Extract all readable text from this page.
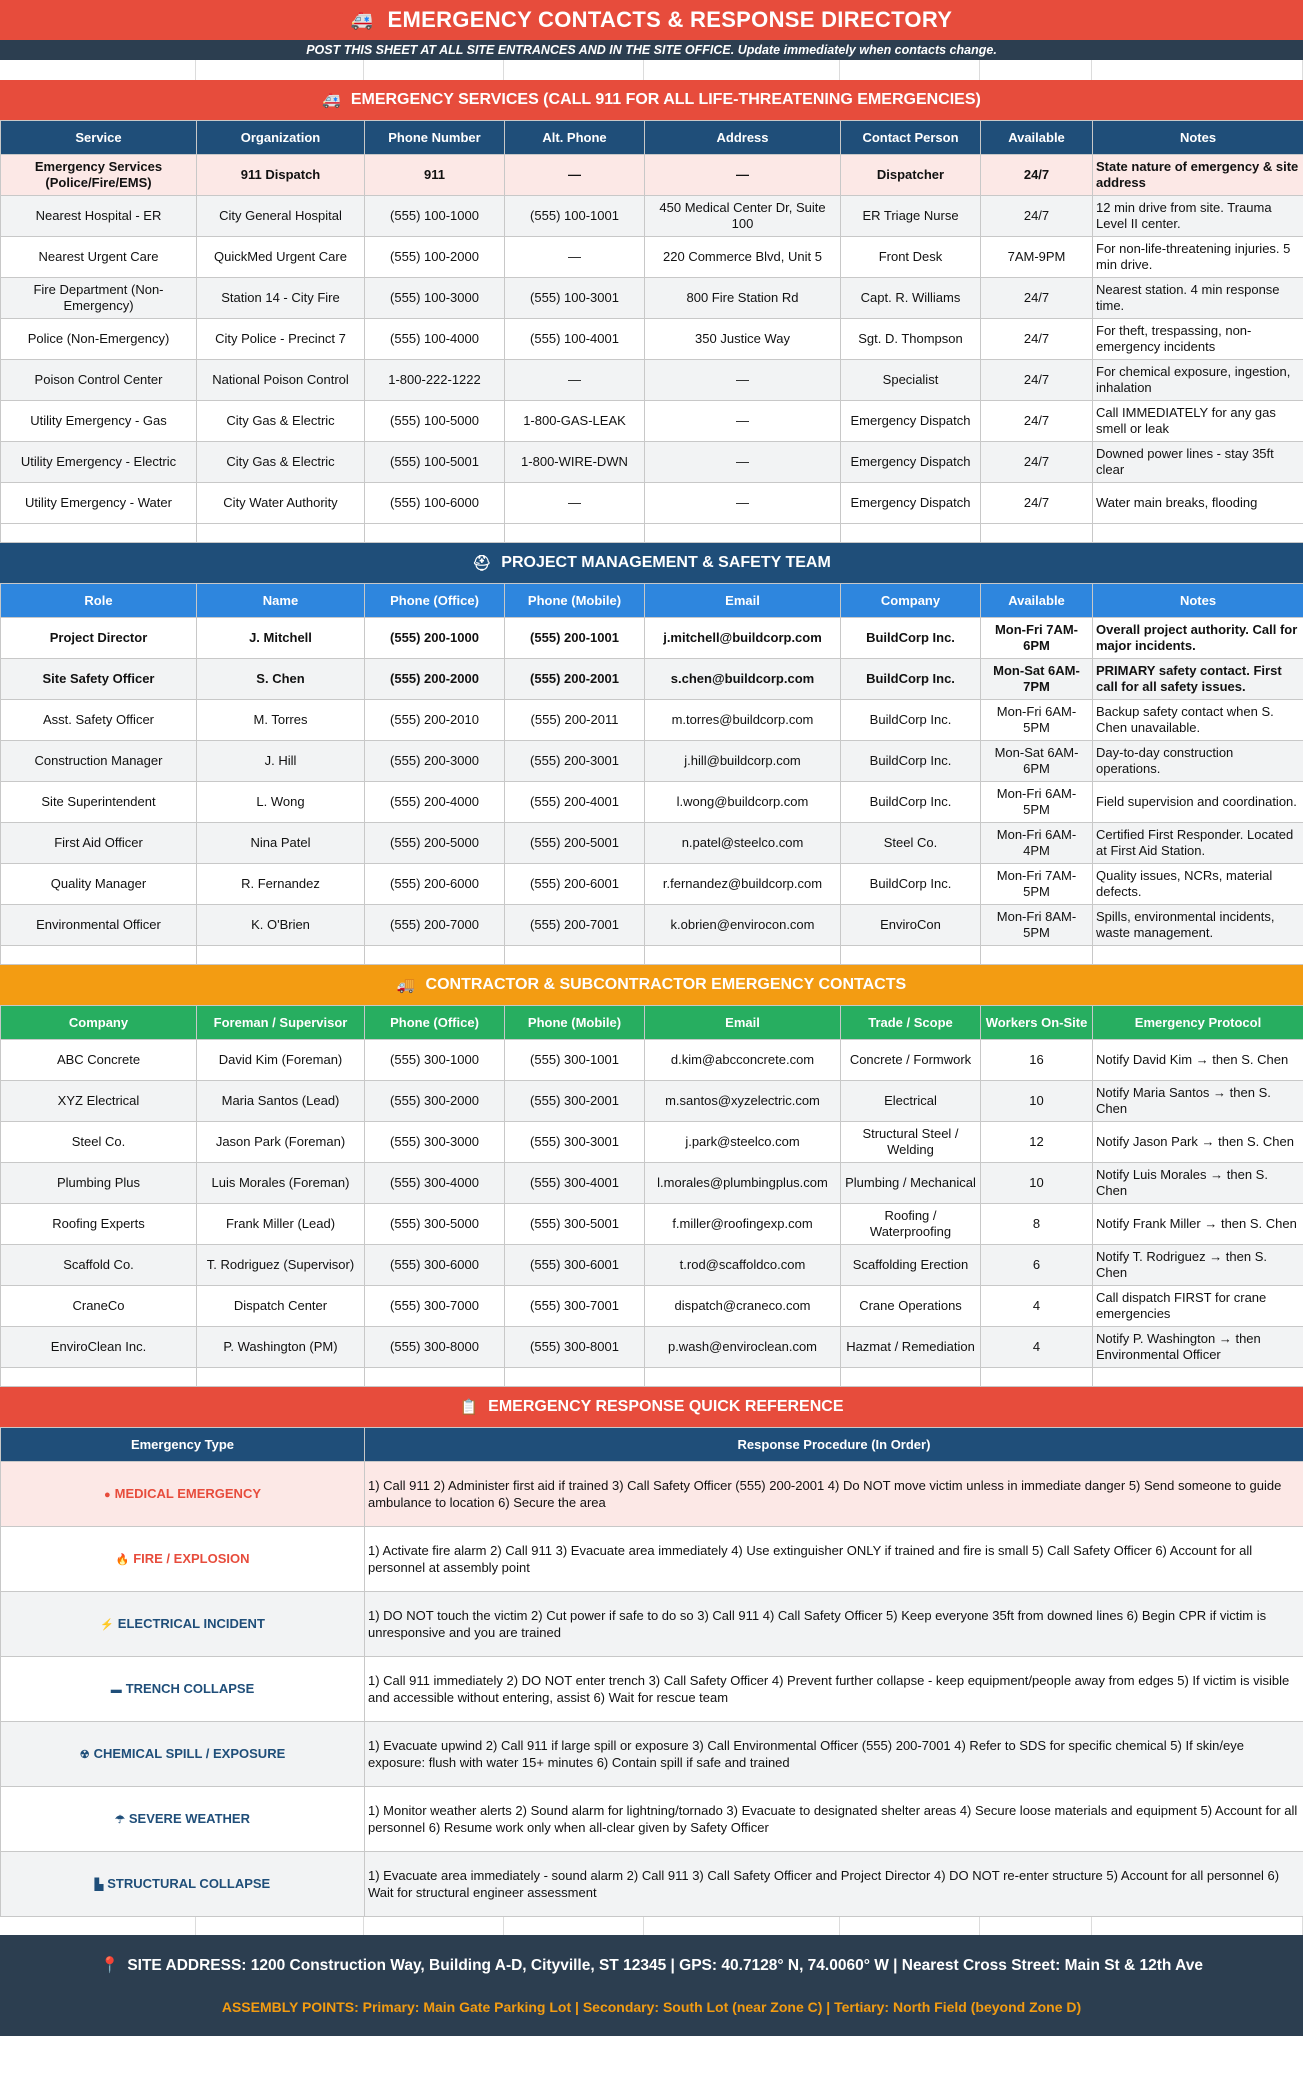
🚑 EMERGENCY CONTACTS & RESPONSE DIRECTORY
POST THIS SHEET AT ALL SITE ENTRANCES AND IN THE SITE OFFICE. Update immediately when contacts change.
🚑 EMERGENCY SERVICES (CALL 911 FOR ALL LIFE-THREATENING EMERGENCIES)
Service	Organization	Phone Number	Alt. Phone	Address	Contact Person	Available	Notes
Emergency Services (Police/Fire/EMS)	911 Dispatch	911	—	—	Dispatcher	24/7	State nature of emergency & site address
Nearest Hospital - ER	City General Hospital	(555) 100-1000	(555) 100-1001	450 Medical Center Dr, Suite 100	ER Triage Nurse	24/7	12 min drive from site. Trauma Level II center.
Nearest Urgent Care	QuickMed Urgent Care	(555) 100-2000	—	220 Commerce Blvd, Unit 5	Front Desk	7AM-9PM	For non-life-threatening injuries. 5 min drive.
Fire Department (Non-Emergency)	Station 14 - City Fire	(555) 100-3000	(555) 100-3001	800 Fire Station Rd	Capt. R. Williams	24/7	Nearest station. 4 min response time.
Police (Non-Emergency)	City Police - Precinct 7	(555) 100-4000	(555) 100-4001	350 Justice Way	Sgt. D. Thompson	24/7	For theft, trespassing, non-emergency incidents
Poison Control Center	National Poison Control	1-800-222-1222	—	—	Specialist	24/7	For chemical exposure, ingestion, inhalation
Utility Emergency - Gas	City Gas & Electric	(555) 100-5000	1-800-GAS-LEAK	—	Emergency Dispatch	24/7	Call IMMEDIATELY for any gas smell or leak
Utility Emergency - Electric	City Gas & Electric	(555) 100-5001	1-800-WIRE-DWN	—	Emergency Dispatch	24/7	Downed power lines - stay 35ft clear
Utility Emergency - Water	City Water Authority	(555) 100-6000	—	—	Emergency Dispatch	24/7	Water main breaks, flooding

⛑ PROJECT MANAGEMENT & SAFETY TEAM
Role	Name	Phone (Office)	Phone (Mobile)	Email	Company	Available	Notes
Project Director	J. Mitchell	(555) 200-1000	(555) 200-1001	j.mitchell@buildcorp.com	BuildCorp Inc.	Mon-Fri 7AM-6PM	Overall project authority. Call for major incidents.
Site Safety Officer	S. Chen	(555) 200-2000	(555) 200-2001	s.chen@buildcorp.com	BuildCorp Inc.	Mon-Sat 6AM-7PM	PRIMARY safety contact. First call for all safety issues.
Asst. Safety Officer	M. Torres	(555) 200-2010	(555) 200-2011	m.torres@buildcorp.com	BuildCorp Inc.	Mon-Fri 6AM-5PM	Backup safety contact when S. Chen unavailable.
Construction Manager	J. Hill	(555) 200-3000	(555) 200-3001	j.hill@buildcorp.com	BuildCorp Inc.	Mon-Sat 6AM-6PM	Day-to-day construction operations.
Site Superintendent	L. Wong	(555) 200-4000	(555) 200-4001	l.wong@buildcorp.com	BuildCorp Inc.	Mon-Fri 6AM-5PM	Field supervision and coordination.
First Aid Officer	Nina Patel	(555) 200-5000	(555) 200-5001	n.patel@steelco.com	Steel Co.	Mon-Fri 6AM-4PM	Certified First Responder. Located at First Aid Station.
Quality Manager	R. Fernandez	(555) 200-6000	(555) 200-6001	r.fernandez@buildcorp.com	BuildCorp Inc.	Mon-Fri 7AM-5PM	Quality issues, NCRs, material defects.
Environmental Officer	K. O'Brien	(555) 200-7000	(555) 200-7001	k.obrien@envirocon.com	EnviroCon	Mon-Fri 8AM-5PM	Spills, environmental incidents, waste management.

🚚 CONTRACTOR & SUBCONTRACTOR EMERGENCY CONTACTS
Company	Foreman / Supervisor	Phone (Office)	Phone (Mobile)	Email	Trade / Scope	Workers On-Site	Emergency Protocol
ABC Concrete	David Kim (Foreman)	(555) 300-1000	(555) 300-1001	d.kim@abcconcrete.com	Concrete / Formwork	16	Notify David Kim → then S. Chen
XYZ Electrical	Maria Santos (Lead)	(555) 300-2000	(555) 300-2001	m.santos@xyzelectric.com	Electrical	10	Notify Maria Santos → then S. Chen
Steel Co.	Jason Park (Foreman)	(555) 300-3000	(555) 300-3001	j.park@steelco.com	Structural Steel / Welding	12	Notify Jason Park → then S. Chen
Plumbing Plus	Luis Morales (Foreman)	(555) 300-4000	(555) 300-4001	l.morales@plumbingplus.com	Plumbing / Mechanical	10	Notify Luis Morales → then S. Chen
Roofing Experts	Frank Miller (Lead)	(555) 300-5000	(555) 300-5001	f.miller@roofingexp.com	Roofing / Waterproofing	8	Notify Frank Miller → then S. Chen
Scaffold Co.	T. Rodriguez (Supervisor)	(555) 300-6000	(555) 300-6001	t.rod@scaffoldco.com	Scaffolding Erection	6	Notify T. Rodriguez → then S. Chen
CraneCo	Dispatch Center	(555) 300-7000	(555) 300-7001	dispatch@craneco.com	Crane Operations	4	Call dispatch FIRST for crane emergencies
EnviroClean Inc.	P. Washington (PM)	(555) 300-8000	(555) 300-8001	p.wash@enviroclean.com	Hazmat / Remediation	4	Notify P. Washington → then Environmental Officer

📋 EMERGENCY RESPONSE QUICK REFERENCE
Emergency Type	Response Procedure (In Order)
● MEDICAL EMERGENCY	1) Call 911 2) Administer first aid if trained 3) Call Safety Officer (555) 200-2001 4) Do NOT move victim unless in immediate danger 5) Send someone to guide ambulance to location 6) Secure the area
🔥 FIRE / EXPLOSION	1) Activate fire alarm 2) Call 911 3) Evacuate area immediately 4) Use extinguisher ONLY if trained and fire is small 5) Call Safety Officer 6) Account for all personnel at assembly point
⚡ ELECTRICAL INCIDENT	1) DO NOT touch the victim 2) Cut power if safe to do so 3) Call 911 4) Call Safety Officer 5) Keep everyone 35ft from downed lines 6) Begin CPR if victim is unresponsive and you are trained
▬ TRENCH COLLAPSE	1) Call 911 immediately 2) DO NOT enter trench 3) Call Safety Officer 4) Prevent further collapse - keep equipment/people away from edges 5) If victim is visible and accessible without entering, assist 6) Wait for rescue team
☢ CHEMICAL SPILL / EXPOSURE	1) Evacuate upwind 2) Call 911 if large spill or exposure 3) Call Environmental Officer (555) 200-7001 4) Refer to SDS for specific chemical 5) If skin/eye exposure: flush with water 15+ minutes 6) Contain spill if safe and trained
☂ SEVERE WEATHER	1) Monitor weather alerts 2) Sound alarm for lightning/tornado 3) Evacuate to designated shelter areas 4) Secure loose materials and equipment 5) Account for all personnel 6) Resume work only when all-clear given by Safety Officer
▙ STRUCTURAL COLLAPSE	1) Evacuate area immediately - sound alarm 2) Call 911 3) Call Safety Officer and Project Director 4) DO NOT re-enter structure 5) Account for all personnel 6) Wait for structural engineer assessment
📍 SITE ADDRESS: 1200 Construction Way, Building A-D, Cityville, ST 12345 | GPS: 40.7128° N, 74.0060° W | Nearest Cross Street: Main St & 12th Ave
ASSEMBLY POINTS: Primary: Main Gate Parking Lot | Secondary: South Lot (near Zone C) | Tertiary: North Field (beyond Zone D)
